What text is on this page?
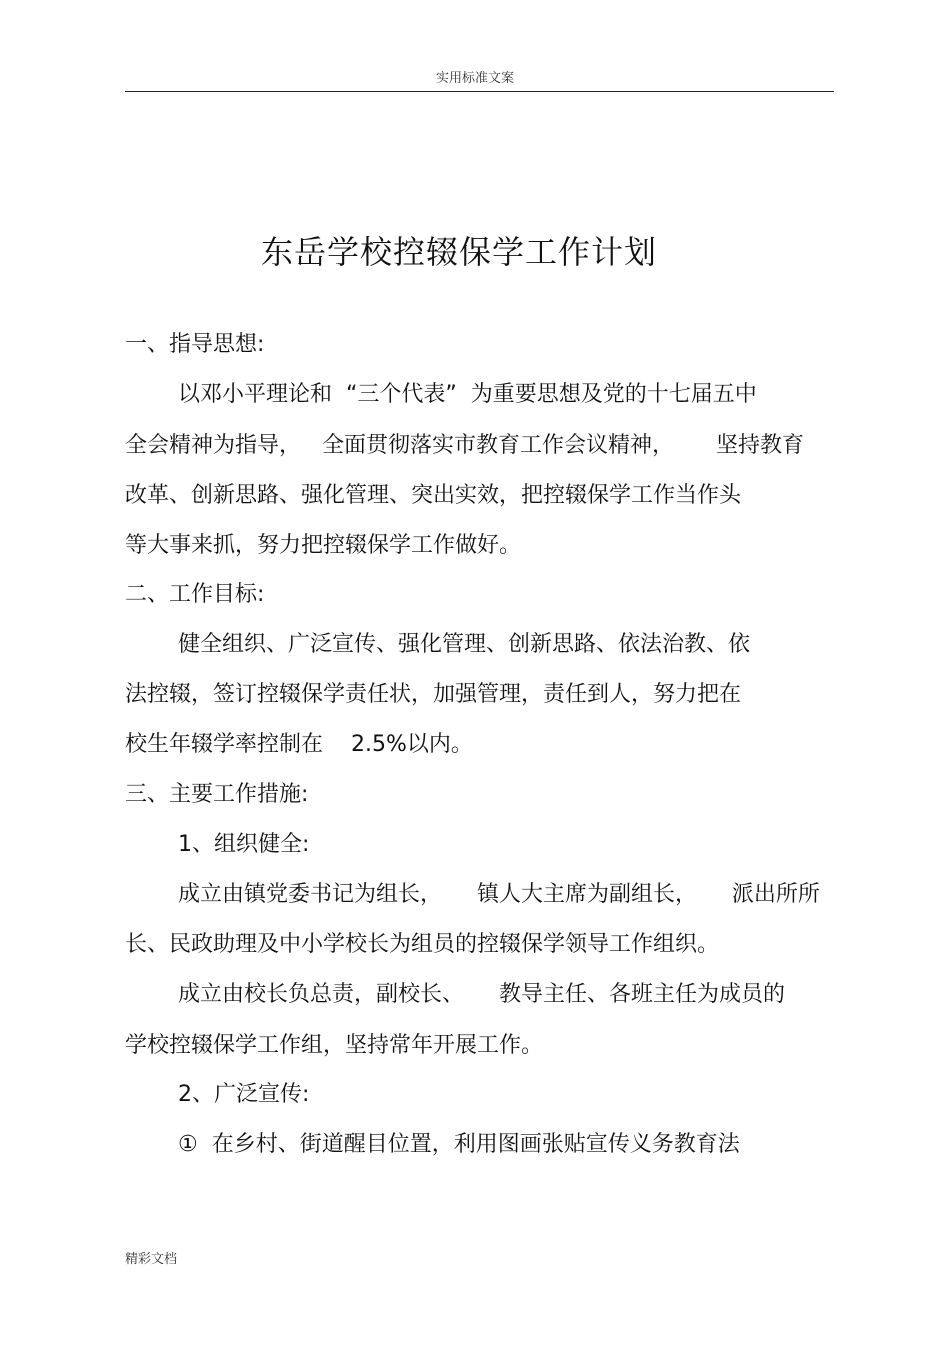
实用标准文案
东岳学校控辍保学工作计划
一、指导思想:
以邓小平理论和  “三个代表”  为重要思想及党的十七届五中
全会精神为指导，   全面贯彻落实市教育工作会议精神，      坚持教育
改革、创新思路、强化管理、突出实效，把控辍保学工作当作头
等大事来抓，努力把控辍保学工作做好。
二、工作目标:
健全组织、广泛宣传、强化管理、创新思路、依法治教、依
法控辍，签订控辍保学责任状，加强管理，责任到人，努力把在
校生年辍学率控制在    2.5%以内。
三、主要工作措施:
1、组织健全:
成立由镇党委书记为组长，     镇人大主席为副组长，     派出所所
长、民政助理及中小学校长为组员的控辍保学领导工作组织。
成立由校长负总责，副校长、     教导主任、各班主任为成员的
学校控辍保学工作组，坚持常年开展工作。
2、广泛宣传:
①  在乡村、街道醒目位置，利用图画张贴宣传义务教育法
精彩文档
